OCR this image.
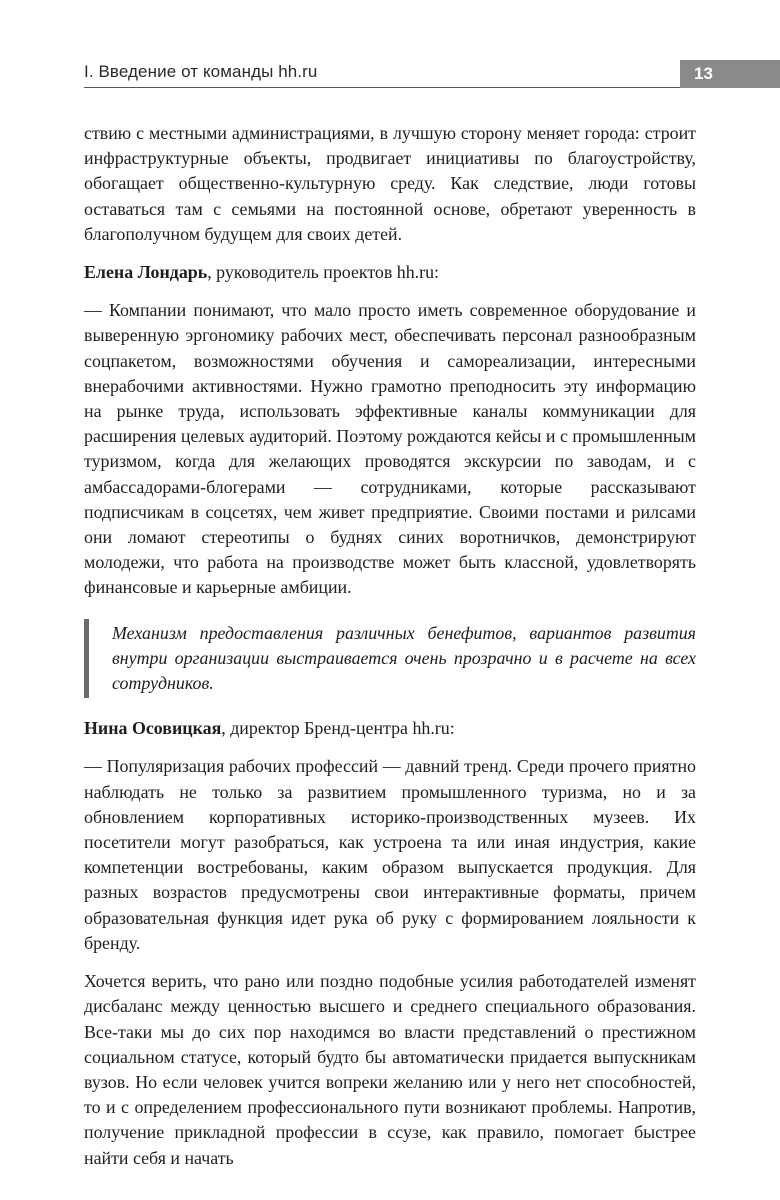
I. Введение от команды hh.ru	13

ствию с местными администрациями, в лучшую сторону меняет города: строит инфраструктурные объекты, продвигает инициативы по благоустройству, обогащает общественно-культурную среду. Как следствие, люди готовы оставаться там с семьями на постоянной основе, обретают уверенность в благополучном будущем для своих детей.

Елена Лондарь, руководитель проектов hh.ru:

— Компании понимают, что мало просто иметь современное оборудование и выверенную эргономику рабочих мест, обеспечивать персонал разнообразным соцпакетом, возможностями обучения и самореализации, интересными внерабочими активностями. Нужно грамотно преподносить эту информацию на рынке труда, использовать эффективные каналы коммуникации для расширения целевых аудиторий. Поэтому рождаются кейсы и с промышленным туризмом, когда для желающих проводятся экскурсии по заводам, и с амбассадорами-блогерами — сотрудниками, которые рассказывают подписчикам в соцсетях, чем живет предприятие. Своими постами и рилсами они ломают стереотипы о буднях синих воротничков, демонстрируют молодежи, что работа на производстве может быть классной, удовлетворять финансовые и карьерные амбиции.

Механизм предоставления различных бенефитов, вариантов развития внутри организации выстраивается очень прозрачно и в расчете на всех сотрудников.

Нина Осовицкая, директор Бренд-центра hh.ru:

— Популяризация рабочих профессий — давний тренд. Среди прочего приятно наблюдать не только за развитием промышленного туризма, но и за обновлением корпоративных историко-производственных музеев. Их посетители могут разобраться, как устроена та или иная индустрия, какие компетенции востребованы, каким образом выпускается продукция. Для разных возрастов предусмотрены свои интерактивные форматы, причем образовательная функция идет рука об руку с формированием лояльности к бренду.

Хочется верить, что рано или поздно подобные усилия работодателей изменят дисбаланс между ценностью высшего и среднего специального образования. Все-таки мы до сих пор находимся во власти представлений о престижном социальном статусе, который будто бы автоматически придается выпускникам вузов. Но если человек учится вопреки желанию или у него нет способностей, то и с определением профессионального пути возникают проблемы. Напротив, получение прикладной профессии в ссузе, как правило, помогает быстрее найти себя и начать
